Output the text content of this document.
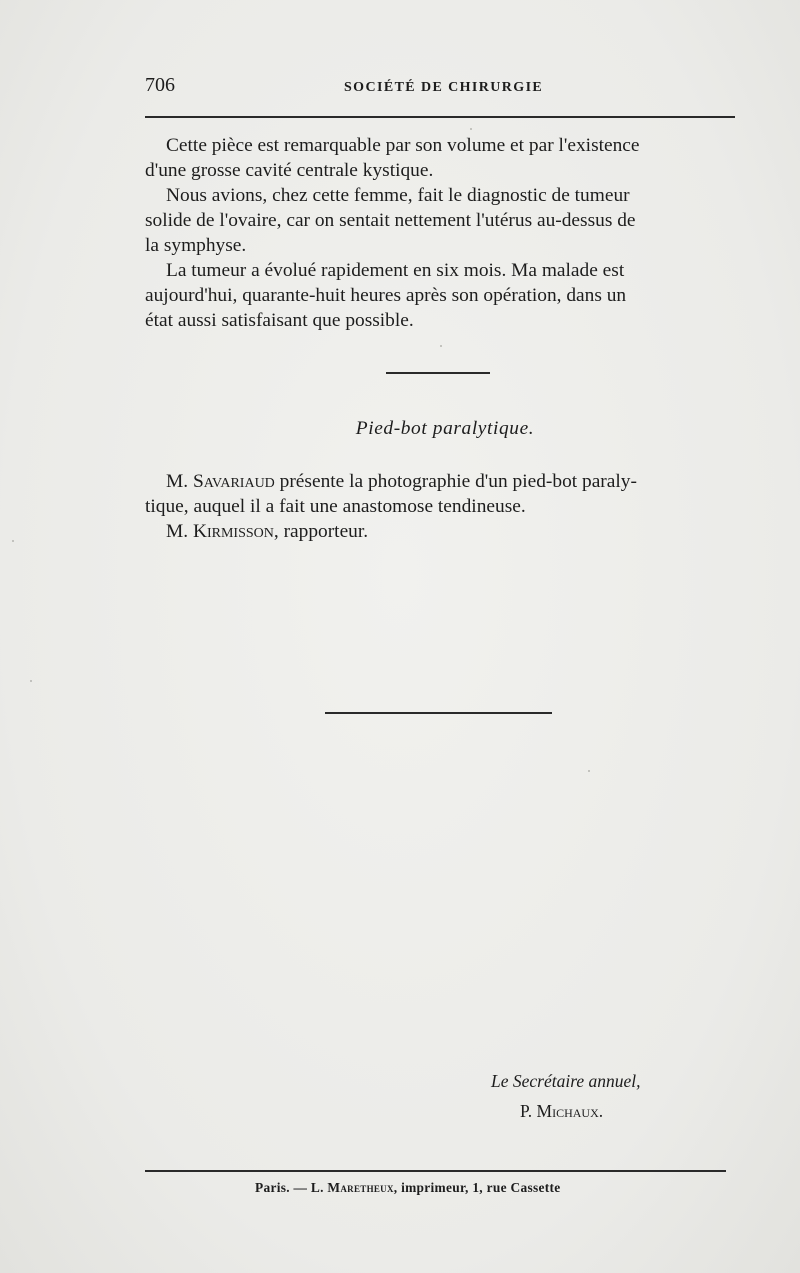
706	SOCIÉTÉ DE CHIRURGIE

Cette pièce est remarquable par son volume et par l'existence
d'une grosse cavité centrale kystique.

Nous avions, chez cette femme, fait le diagnostic de tumeur
solide de l'ovaire, car on sentait nettement l'utérus au-dessus de
la symphyse.

La tumeur a évolué rapidement en six mois. Ma malade est
aujourd'hui, quarante-huit heures après son opération, dans un
état aussi satisfaisant que possible.

Pied-bot paralytique.

M. Savariaud présente la photographie d'un pied-bot paraly-
tique, auquel il a fait une anastomose tendineuse.

M. Kirmisson, rapporteur.

Le Secrétaire annuel,
P. Michaux.
Paris. — L. Maretheux, imprimeur, 1, rue Cassette
